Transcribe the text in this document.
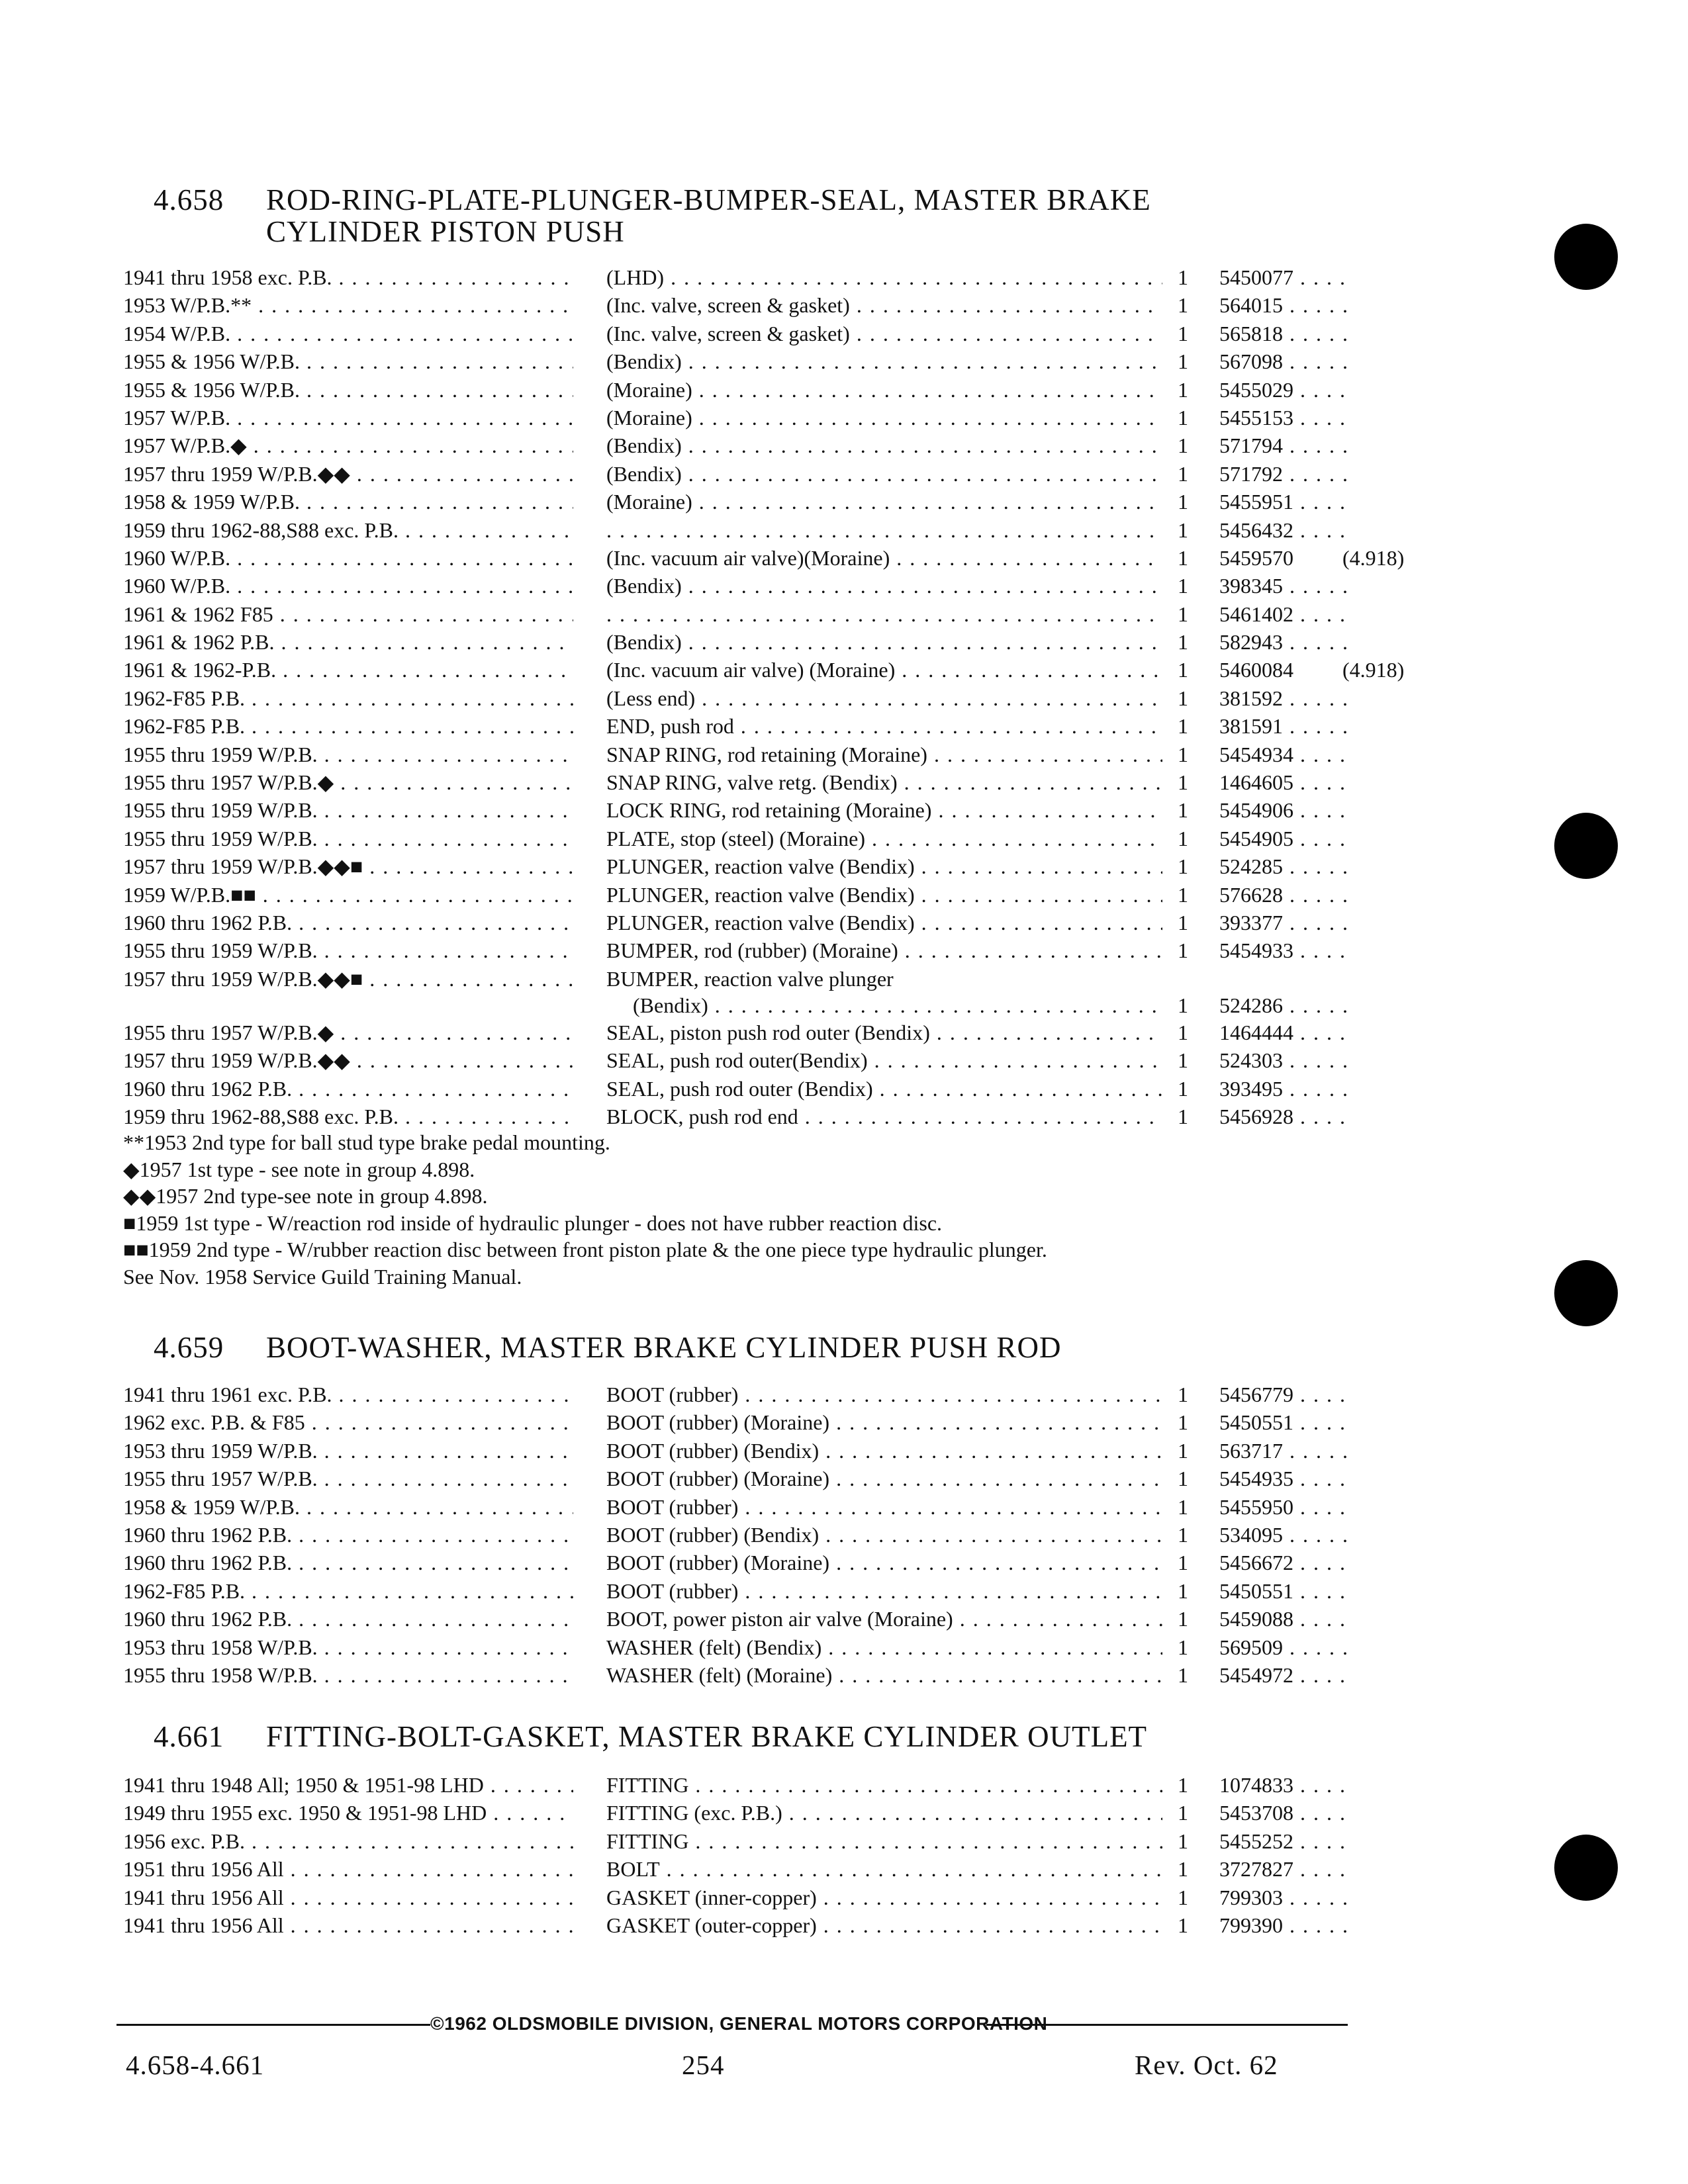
4.658 ROD-RING-PLATE-PLUNGER-BUMPER-SEAL, MASTER BRAKE
CYLINDER PISTON PUSH
1941 thru 1958 exc. P.B. . . .	(LHD) . . .	1 5450077 . . .
1953 W/P.B.** . . .	(Inc. valve, screen & gasket) . . .	1 564015 . . .
1954 W/P.B. . . .	(Inc. valve, screen & gasket) . . .	1 565818 . . .
1955 & 1956 W/P.B. . . .	(Bendix) . . .	1 567098 . . .
1955 & 1956 W/P.B. . . .	(Moraine) . . .	1 5455029 . . .
1957 W/P.B. . . .	(Moraine) . . .	1 5455153 . . .
1957 W/P.B.◆ . . .	(Bendix) . . .	1 571794 . . .
1957 thru 1959 W/P.B.◆◆ . . .	(Bendix) . . .	1 571792 . . .
1958 & 1959 W/P.B. . . .	(Moraine) . . .	1 5455951 . . .
1959 thru 1962-88,S88 exc. P.B. . . . . . .	1 5456432 . . .
1960 W/P.B. . . .	(Inc. vacuum air valve)(Moraine) . . .	1 5459570	(4.918)
1960 W/P.B. . . .	(Bendix) . . .	1 398345 . . .
1961 & 1962 F85 . . . . . .	1 5461402 . . .
1961 & 1962 P.B. . . .	(Bendix) . . .	1 582943 . . .
1961 & 1962-P.B. . . .	(Inc. vacuum air valve) (Moraine) . . .	1 5460084	(4.918)
1962-F85 P.B. . . .	(Less end) . . .	1 381592 . . .
1962-F85 P.B. . . .	END, push rod . . .	1 381591 . . .
1955 thru 1959 W/P.B. . . .	SNAP RING, rod retaining (Moraine) . . .	1 5454934 . . .
1955 thru 1957 W/P.B.◆ . . .	SNAP RING, valve retg. (Bendix) . . .	1 1464605 . . .
1955 thru 1959 W/P.B. . . .	LOCK RING, rod retaining (Moraine) . . .	1 5454906 . . .
1955 thru 1959 W/P.B. . . .	PLATE, stop (steel) (Moraine) . . .	1 5454905 . . .
1957 thru 1959 W/P.B.◆◆■ . . .	PLUNGER, reaction valve (Bendix) . . .	1 524285 . . .
1959 W/P.B.■■ . . .	PLUNGER, reaction valve (Bendix) . . .	1 576628 . . .
1960 thru 1962 P.B. . . .	PLUNGER, reaction valve (Bendix) . . .	1 393377 . . .
1955 thru 1959 W/P.B. . . .	BUMPER, rod (rubber) (Moraine) . . .	1 5454933 . . .
1957 thru 1959 W/P.B.◆◆■ . . .	BUMPER, reaction valve plunger
(Bendix) . . .	1 524286 . . .
1955 thru 1957 W/P.B.◆ . . .	SEAL, piston push rod outer (Bendix) . . .	1 1464444 . . .
1957 thru 1959 W/P.B.◆◆ . . .	SEAL, push rod outer(Bendix) . . .	1 524303 . . .
1960 thru 1962 P.B. . . .	SEAL, push rod outer (Bendix) . . .	1 393495 . . .
1959 thru 1962-88,S88 exc. P.B. . . .	BLOCK, push rod end . . .	1 5456928 . . .
**1953 2nd type for ball stud type brake pedal mounting.
◆1957 1st type - see note in group 4.898.
◆◆1957 2nd type-see note in group 4.898.
■1959 1st type - W/reaction rod inside of hydraulic plunger - does not have rubber reaction disc.
■■1959 2nd type - W/rubber reaction disc between front piston plate & the one piece type hydraulic plunger.
See Nov. 1958 Service Guild Training Manual.
4.659 BOOT-WASHER, MASTER BRAKE CYLINDER PUSH ROD
1941 thru 1961 exc. P.B. . . .	BOOT (rubber) . . .	1 5456779 . . .
1962 exc. P.B. & F85 . . .	BOOT (rubber) (Moraine) . . .	1 5450551 . . .
1953 thru 1959 W/P.B. . . .	BOOT (rubber) (Bendix) . . .	1 563717 . . .
1955 thru 1957 W/P.B. . . .	BOOT (rubber) (Moraine) . . .	1 5454935 . . .
1958 & 1959 W/P.B. . . .	BOOT (rubber) . . .	1 5455950 . . .
1960 thru 1962 P.B. . . .	BOOT (rubber) (Bendix) . . .	1 534095 . . .
1960 thru 1962 P.B. . . .	BOOT (rubber) (Moraine) . . .	1 5456672 . . .
1962-F85 P.B. . . .	BOOT (rubber) . . .	1 5450551 . . .
1960 thru 1962 P.B. . . .	BOOT, power piston air valve (Moraine) . . .	1 5459088 . . .
1953 thru 1958 W/P.B. . . .	WASHER (felt) (Bendix) . . .	1 569509 . . .
1955 thru 1958 W/P.B. . . .	WASHER (felt) (Moraine) . . .	1 5454972 . . .
4.661 FITTING-BOLT-GASKET, MASTER BRAKE CYLINDER OUTLET
1941 thru 1948 All; 1950 & 1951-98 LHD . . .	FITTING . . .	1 1074833 . . .
1949 thru 1955 exc. 1950 & 1951-98 LHD . . .	FITTING (exc. P.B.) . . .	1 5453708 . . .
1956 exc. P.B. . . .	FITTING . . .	1 5455252 . . .
1951 thru 1956 All . . .	BOLT . . .	1 3727827 . . .
1941 thru 1956 All . . .	GASKET (inner-copper) . . .	1 799303 . . .
1941 thru 1956 All . . .	GASKET (outer-copper) . . .	1 799390 . . .
©1962 OLDSMOBILE DIVISION, GENERAL MOTORS CORPORATION
4.658-4.661	254	Rev. Oct. 62
